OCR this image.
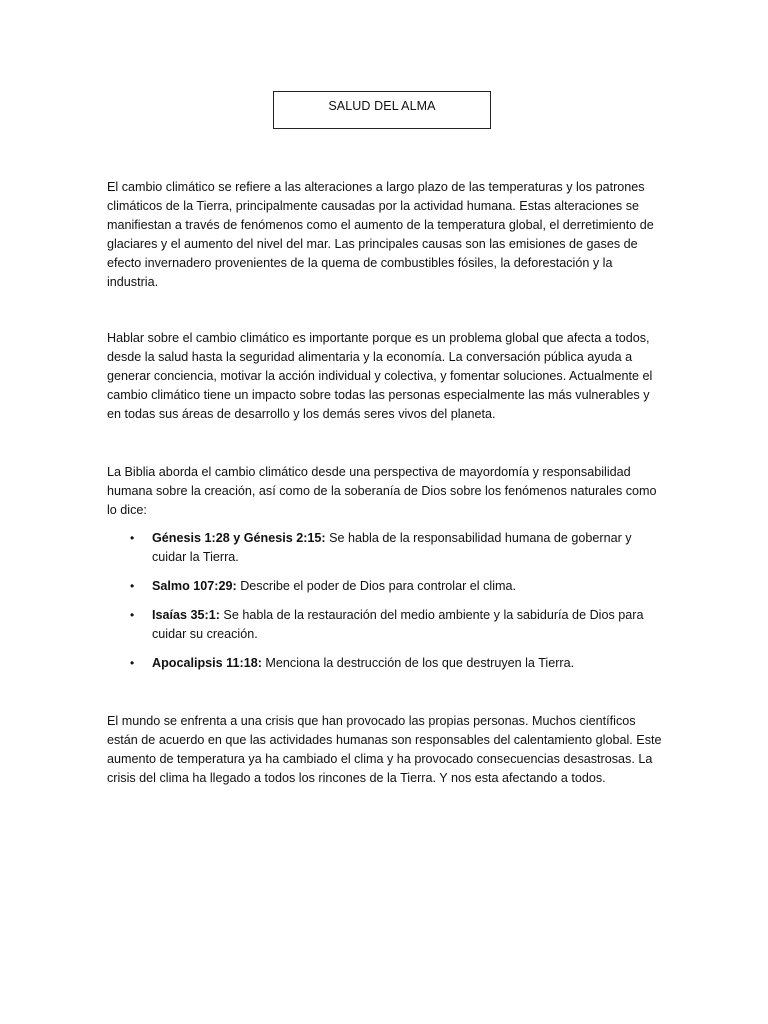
SALUD DEL ALMA

El cambio climático se refiere a las alteraciones a largo plazo de las temperaturas y los patrones climáticos de la Tierra, principalmente causadas por la actividad humana. Estas alteraciones se manifiestan a través de fenómenos como el aumento de la temperatura global, el derretimiento de glaciares y el aumento del nivel del mar. Las principales causas son las emisiones de gases de efecto invernadero provenientes de la quema de combustibles fósiles, la deforestación y la industria.

Hablar sobre el cambio climático es importante porque es un problema global que afecta a todos, desde la salud hasta la seguridad alimentaria y la economía. La conversación pública ayuda a generar conciencia, motivar la acción individual y colectiva, y fomentar soluciones. Actualmente el cambio climático tiene un impacto sobre todas las personas especialmente las más vulnerables y en todas sus áreas de desarrollo y los demás seres vivos del planeta.

La Biblia aborda el cambio climático desde una perspectiva de mayordomía y responsabilidad humana sobre la creación, así como de la soberanía de Dios sobre los fenómenos naturales como lo dice:

• Génesis 1:28 y Génesis 2:15: Se habla de la responsabilidad humana de gobernar y cuidar la Tierra.
• Salmo 107:29: Describe el poder de Dios para controlar el clima.
• Isaías 35:1: Se habla de la restauración del medio ambiente y la sabiduría de Dios para cuidar su creación.
• Apocalipsis 11:18: Menciona la destrucción de los que destruyen la Tierra.

El mundo se enfrenta a una crisis que han provocado las propias personas. Muchos científicos están de acuerdo en que las actividades humanas son responsables del calentamiento global. Este aumento de temperatura ya ha cambiado el clima y ha provocado consecuencias desastrosas. La crisis del clima ha llegado a todos los rincones de la Tierra. Y nos esta afectando a todos.
